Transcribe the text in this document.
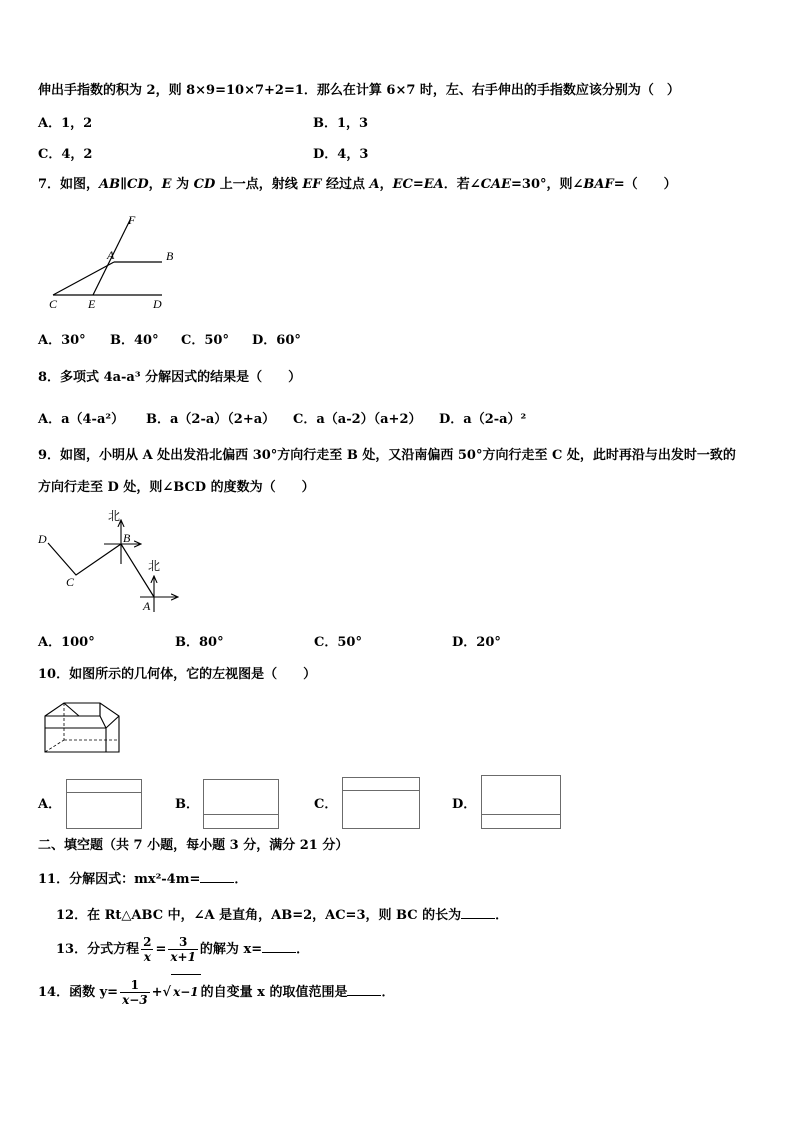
伸出手指数的积为 2，则 8×9=10×7+2=1．那么在计算 6×7 时，左、右手伸出的手指数应该分别为（　）
A．1，2	B．1，3
C．4，2	D．4，3
7．如图，AB∥CD，E 为 CD 上一点，射线 EF 经过点 A，EC=EA．若∠CAE=30°，则∠BAF=（　　）
F
A	B
C	E	D
A．30° B．40° C．50° D．60°
8．多项式 4a-a³ 分解因式的结果是（　　）
A．a（4-a²） B．a（2-a）（2+a） C．a（a-2）（a+2） D．a（2-a）²
9．如图，小明从 A 处出发沿北偏西 30°方向行走至 B 处，又沿南偏西 50°方向行走至 C 处，此时再沿与出发时一致的
方向行走至 D 处，则∠BCD 的度数为（　　）
北
北
D
C
B
A
A．100°	B．80°	C．50°	D．20°
10．如图所示的几何体，它的左视图是（　　）
A．	B．	C．	D．
二、填空题（共 7 小题，每小题 3 分，满分 21 分）
11．分解因式：mx²-4m=	．
12．在 Rt△ABC 中，∠A 是直角，AB=2，AC=3，则 BC 的长为	．
13．分式方程 $\frac{2}{x} = \frac{3}{x+1}$ 的解为 x=	．
14．函数 $y= \frac{1}{x-3}$ +√ x−1 的自变量 x 的取值范围是	．
